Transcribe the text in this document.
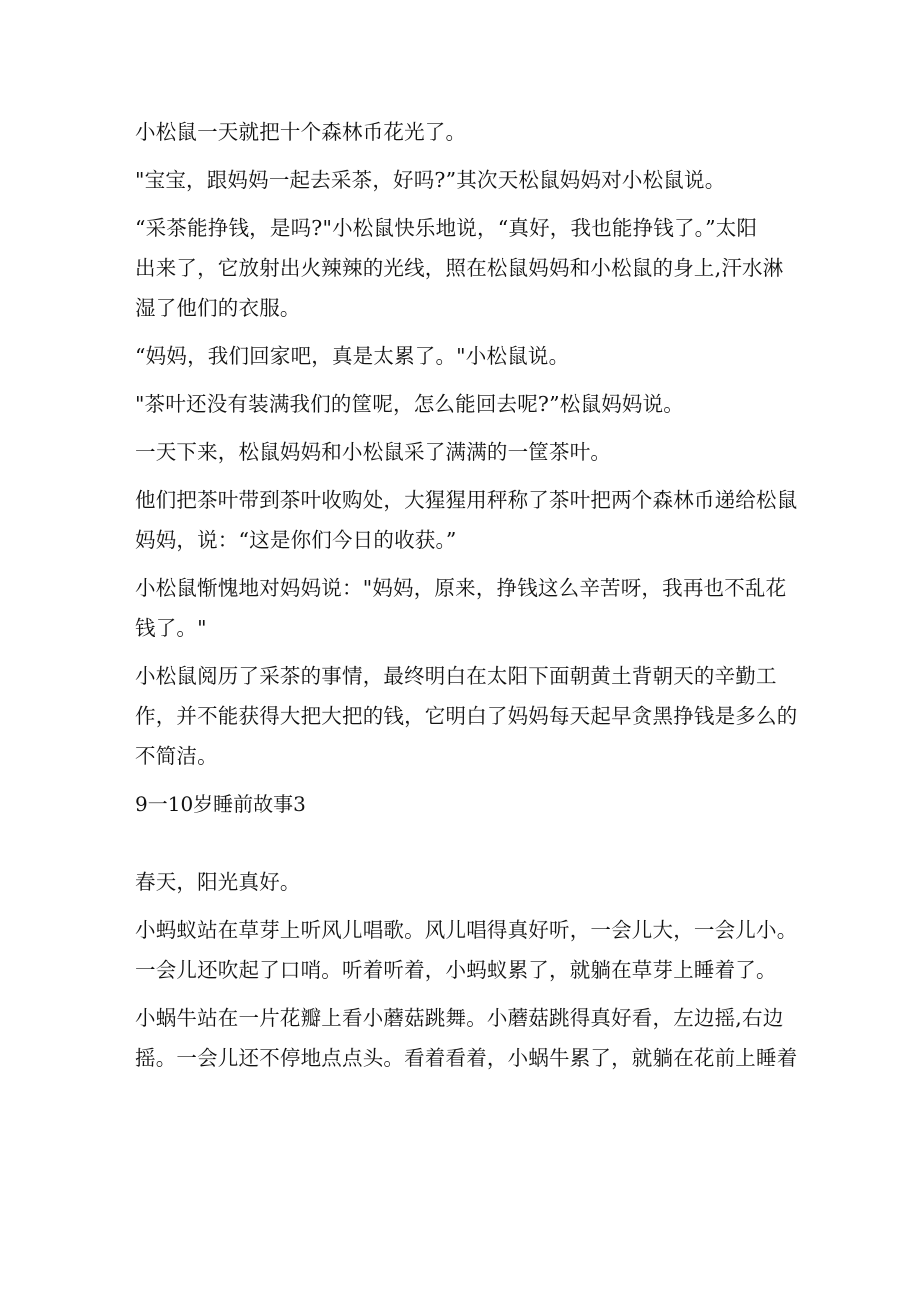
小松鼠一天就把十个森林币花光了。
"宝宝，跟妈妈一起去采茶，好吗?”其次天松鼠妈妈对小松鼠说。
“采茶能挣钱，是吗?"小松鼠快乐地说，“真好，我也能挣钱了。”太阳
出来了，它放射出火辣辣的光线，照在松鼠妈妈和小松鼠的身上,汗水淋
湿了他们的衣服。
“妈妈，我们回家吧，真是太累了。"小松鼠说。
"茶叶还没有装满我们的筐呢，怎么能回去呢?”松鼠妈妈说。
一天下来，松鼠妈妈和小松鼠采了满满的一筐茶叶。
他们把茶叶带到茶叶收购处，大猩猩用秤称了茶叶把两个森林币递给松鼠
妈妈，说：“这是你们今日的收获。”
小松鼠惭愧地对妈妈说："妈妈，原来，挣钱这么辛苦呀，我再也不乱花
钱了。"
小松鼠阅历了采茶的事情，最终明白在太阳下面朝黄土背朝天的辛勤工
作，并不能获得大把大把的钱，它明白了妈妈每天起早贪黑挣钱是多么的
不简洁。
9一10岁睡前故事3
春天，阳光真好。
小蚂蚁站在草芽上听风儿唱歌。风儿唱得真好听，一会儿大，一会儿小。
一会儿还吹起了口哨。听着听着，小蚂蚁累了，就躺在草芽上睡着了。
小蜗牛站在一片花瓣上看小蘑菇跳舞。小蘑菇跳得真好看，左边摇,右边
摇。一会儿还不停地点点头。看着看着，小蜗牛累了，就躺在花前上睡着
